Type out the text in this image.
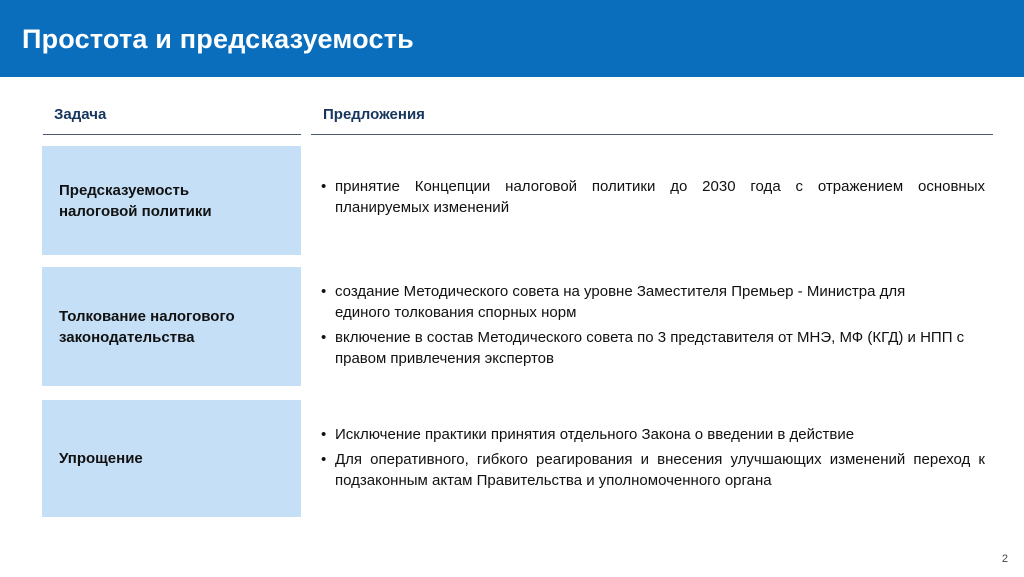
Простота и предсказуемость
Задача	Предложения
Предсказуемость налоговой политики
• принятие Концепции налоговой политики до 2030 года с отражением основных планируемых изменений
Толкование налогового законодательства
• создание Методического совета на уровне Заместителя Премьер - Министра для единого толкования спорных норм
• включение в состав Методического совета по 3 представителя от МНЭ, МФ (КГД) и НПП с правом привлечения экспертов
Упрощение
• Исключение практики принятия отдельного Закона о введении в действие
• Для оперативного, гибкого реагирования и внесения улучшающих изменений переход к подзаконным актам Правительства и уполномоченного органа
2
